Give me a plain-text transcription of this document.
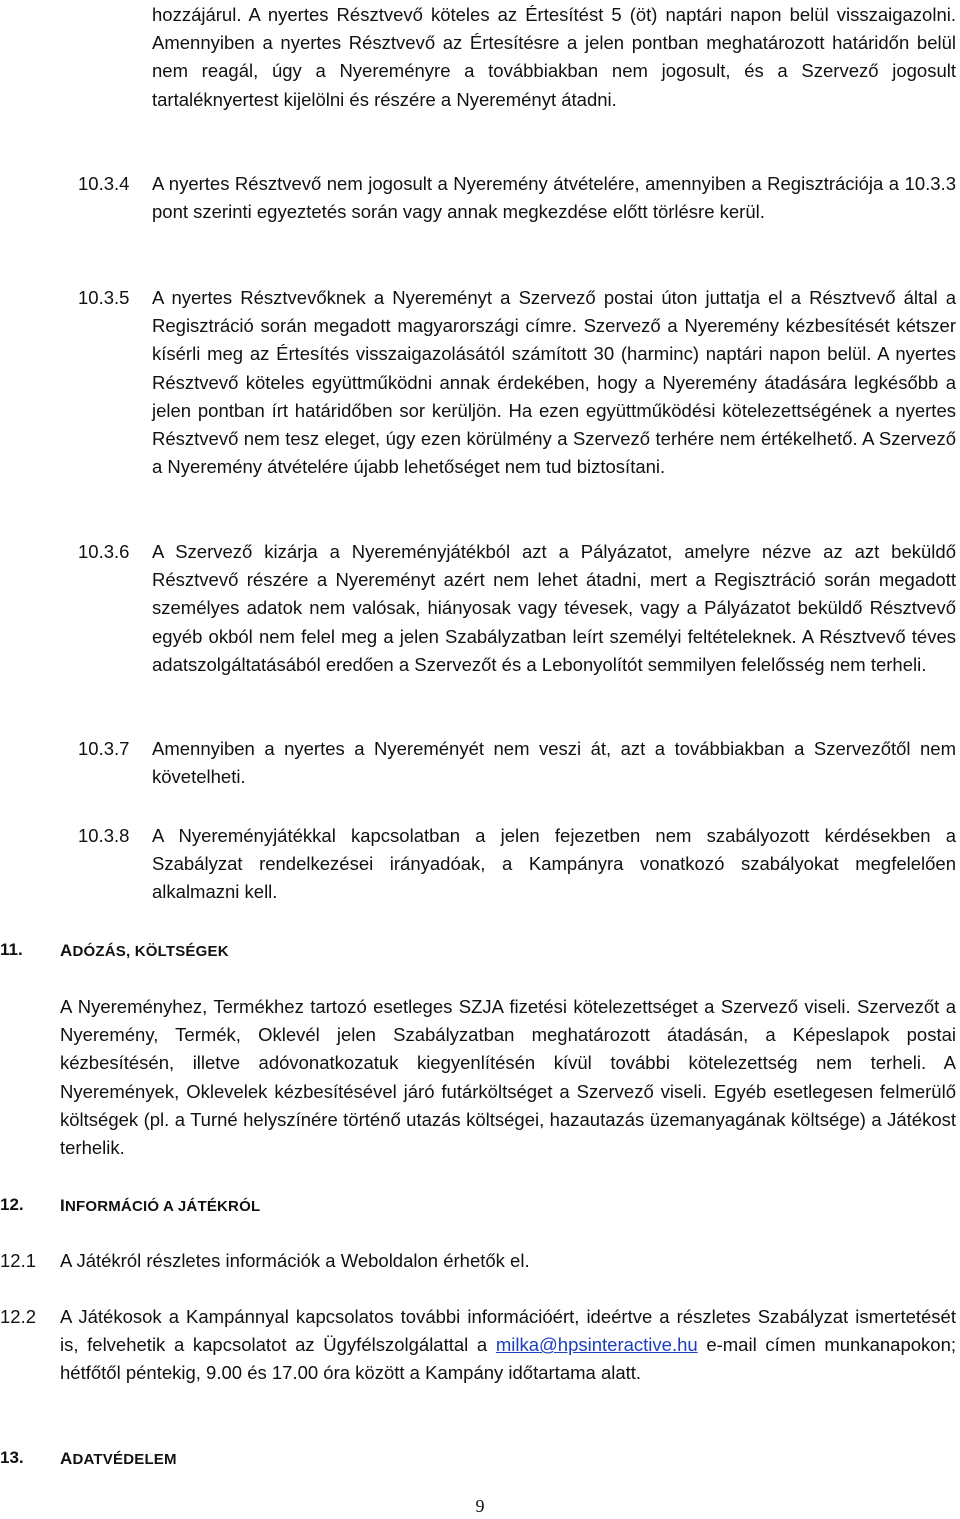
hozzájárul. A nyertes Résztvevő köteles az Értesítést 5 (öt) naptári napon belül visszaigazolni. Amennyiben a nyertes Résztvevő az Értesítésre a jelen pontban meghatározott határidőn belül nem reagál, úgy a Nyereményre a továbbiakban nem jogosult, és a Szervező jogosult tartaléknyertest kijelölni és részére a Nyereményt átadni.
10.3.4 A nyertes Résztvevő nem jogosult a Nyeremény átvételére, amennyiben a Regisztrációja a 10.3.3 pont szerinti egyeztetés során vagy annak megkezdése előtt törlésre kerül.
10.3.5 A nyertes Résztvevőknek a Nyereményt a Szervező postai úton juttatja el a Résztvevő által a Regisztráció során megadott magyarországi címre. Szervező a Nyeremény kézbesítését kétszer kísérli meg az Értesítés visszaigazolásától számított 30 (harminc) naptári napon belül. A nyertes Résztvevő köteles együttműködni annak érdekében, hogy a Nyeremény átadására legkésőbb a jelen pontban írt határidőben sor kerüljön. Ha ezen együttműködési kötelezettségének a nyertes Résztvevő nem tesz eleget, úgy ezen körülmény a Szervező terhére nem értékelhető. A Szervező a Nyeremény átvételére újabb lehetőséget nem tud biztosítani.
10.3.6 A Szervező kizárja a Nyereményjátékból azt a Pályázatot, amelyre nézve az azt beküldő Résztvevő részére a Nyereményt azért nem lehet átadni, mert a Regisztráció során megadott személyes adatok nem valósak, hiányosak vagy tévesek, vagy a Pályázatot beküldő Résztvevő egyéb okból nem felel meg a jelen Szabályzatban leírt személyi feltételeknek. A Résztvevő téves adatszolgáltatásából eredően a Szervezőt és a Lebonyolítót semmilyen felelősség nem terheli.
10.3.7 Amennyiben a nyertes a Nyereményét nem veszi át, azt a továbbiakban a Szervezőtől nem követelheti.
10.3.8 A Nyereményjátékkal kapcsolatban a jelen fejezetben nem szabályozott kérdésekben a Szabályzat rendelkezései irányadóak, a Kampányra vonatkozó szabályokat megfelelően alkalmazni kell.
11. ADÓZÁS, KÖLTSÉGEK
A Nyereményhez, Termékhez tartozó esetleges SZJA fizetési kötelezettséget a Szervező viseli. Szervezőt a Nyeremény, Termék, Oklevél jelen Szabályzatban meghatározott átadásán, a Képeslapok postai kézbesítésén, illetve adóvonatkozatuk kiegyenlítésén kívül további kötelezettség nem terheli. A Nyeremények, Oklevelek kézbesítésével járó futárköltséget a Szervező viseli. Egyéb esetlegesen felmerülő költségek (pl. a Turné helyszínére történő utazás költségei, hazautazás üzemanyagának költsége) a Játékost terhelik.
12. INFORMÁCIÓ A JÁTÉKRÓL
12.1 A Játékról részletes információk a Weboldalon érhetők el.
12.2 A Játékosok a Kampánnyal kapcsolatos további információért, ideértve a részletes Szabályzat ismertetését is, felvehetik a kapcsolatot az Ügyfélszolgálattal a milka@hpsinteractive.hu e-mail címen munkanapokon; hétfőtől péntekig, 9.00 és 17.00 óra között a Kampány időtartama alatt.
13. ADATVÉDELEM
9
